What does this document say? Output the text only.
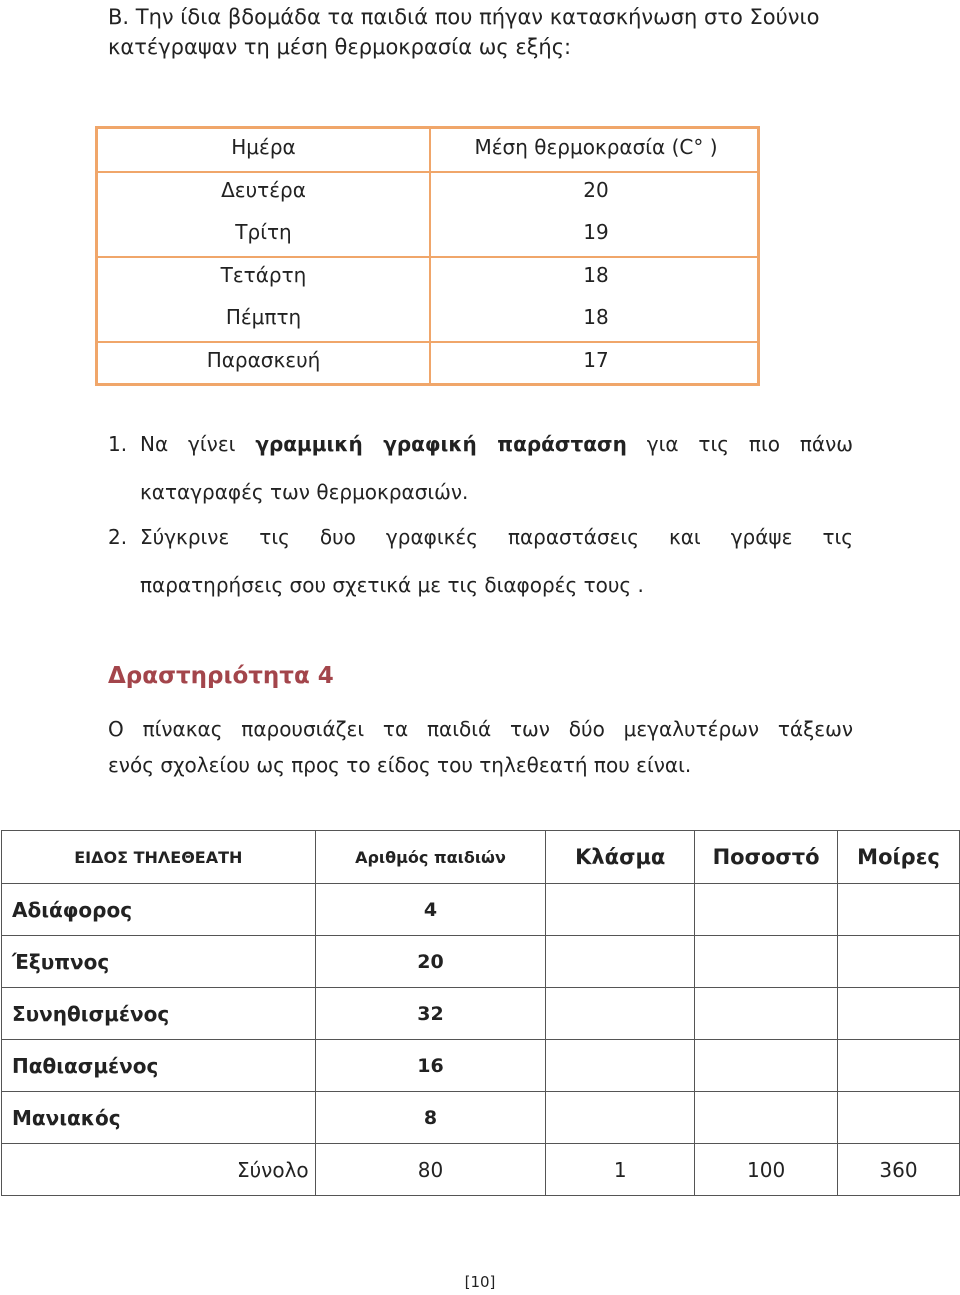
Β. Την ίδια βδομάδα τα παιδιά που πήγαν κατασκήνωση στο Σούνιο
κατέγραψαν τη μέση θερμοκρασία ως εξής:
Ημέρα	Μέση θερμοκρασία (C° )
Δευτέρα	20
Τρίτη	19
Τετάρτη	18
Πέμπτη	18
Παρασκευή	17
1. Να γίνει γραμμική γραφική παράσταση για τις πιο πάνω
καταγραφές των θερμοκρασιών.
2. Σύγκρινε τις δυο γραφικές παραστάσεις και γράψε τις
παρατηρήσεις σου σχετικά με τις διαφορές τους .
Δραστηριότητα 4
Ο πίνακας παρουσιάζει τα παιδιά των δύο μεγαλυτέρων τάξεων
ενός σχολείου ως προς το είδος του τηλεθεατή που είναι.
ΕΙΔΟΣ ΤΗΛΕΘΕΑΤΗ	Αριθμός παιδιών	Κλάσμα	Ποσοστό	Μοίρες
Αδιάφορος	4			
Έξυπνος	20			
Συνηθισμένος	32			
Παθιασμένος	16			
Μανιακός	8			
Σύνολο	80	1	100	360
[10]
